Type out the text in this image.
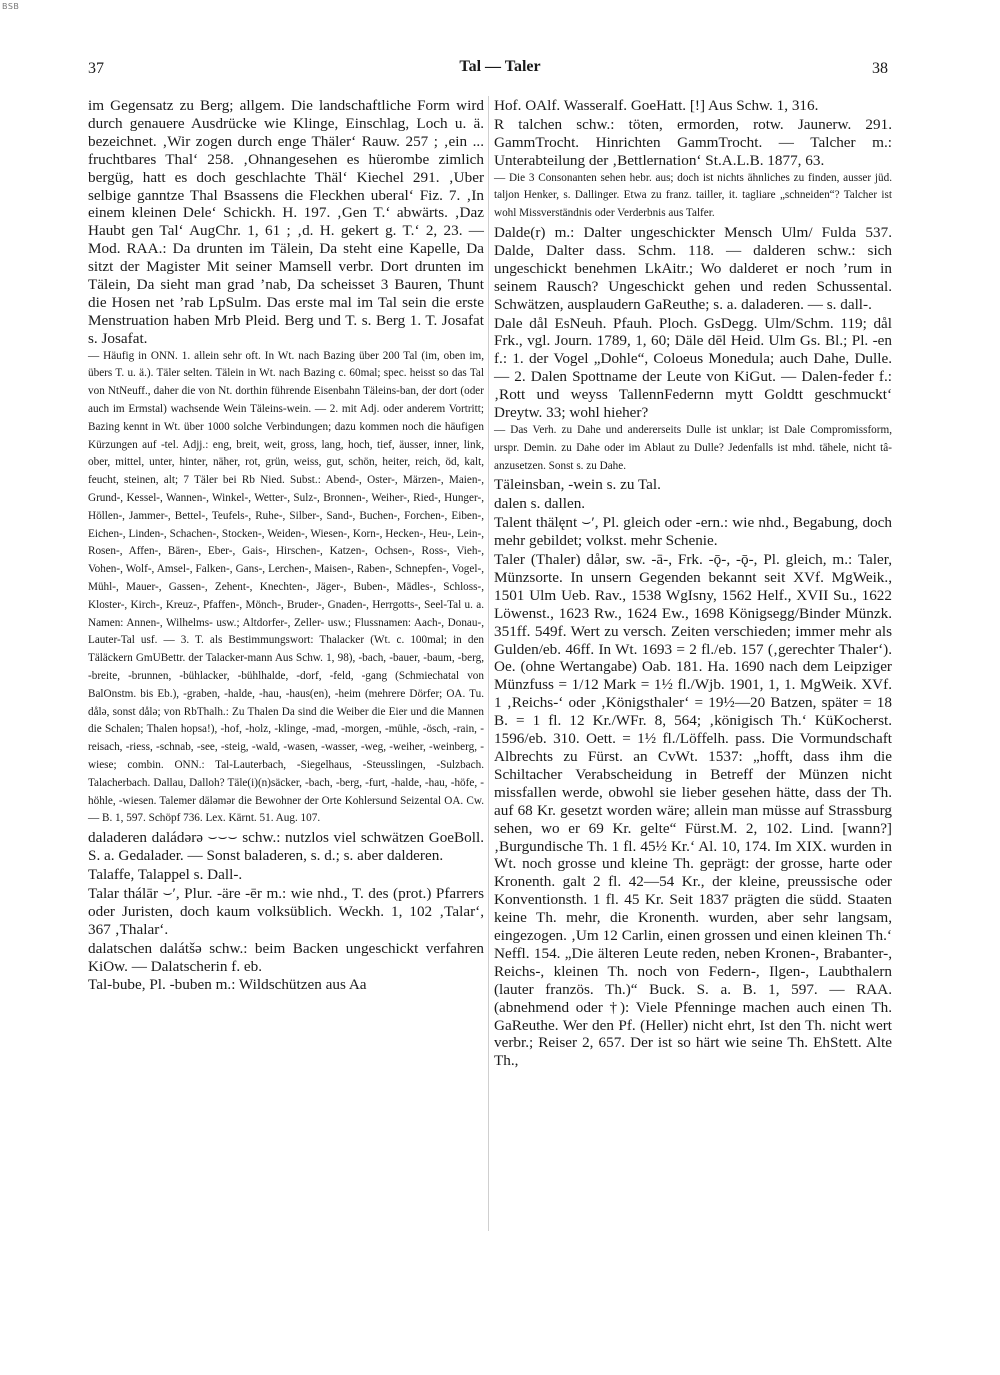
BSB
37	Tal — Taler	38

im Gegensatz zu Berg; allgem. Die landschaftliche Form wird durch genauere Ausdrücke wie Klinge, Einschlag, Loch u. ä. bezeichnet. ‚Wir zogen durch enge Thäler‘ Rauw. 257 ; ‚ein ... fruchtbares Thal‘ 258. ‚Ohnangesehen es hüerombe zimlich bergüg, hatt es doch geschlachte Thäl‘ Kiechel 291. ‚Uber selbige ganntze Thal Bsassens die Fleckhen uberal‘ Fiz. 7. ‚In einem kleinen Dele‘ Schickh. H. 197. ‚Gen T.‘ abwärts. ‚Daz Haubt gen Tal‘ AugChr. 1, 61 ; ‚d. H. gekert g. T.‘ 2, 23. — Mod. RAA.: Da drunten im Tälein, Da steht eine Kapelle, Da sitzt der Magister Mit seiner Mamsell verbr. Dort drunten im Tälein, Da sieht man grad ’nab, Da scheisset 3 Bauren, Thunt die Hosen net ’rab LpSulm. Das erste mal im Tal sein die erste Menstruation haben Mrb Pleid. Berg und T. s. Berg 1. T. Josafat s. Josafat.

— Häufig in ONN. 1. allein sehr oft. In Wt. nach Bazing über 200 Tal (im, oben im, übers T. u. ä.). Täler selten. Tälein in Wt. nach Bazing c. 60mal; spec. heisst so das Tal von NtNeuff., daher die von Nt. dorthin führende Eisenbahn Täleins-ban, der dort (oder auch im Ermstal) wachsende Wein Täleins-wein. — 2. mit Adj. oder anderem Vortritt; Bazing kennt in Wt. über 1000 solche Verbindungen; dazu kommen noch die häufigen Kürzungen auf -tel. Adjj.: eng, breit, weit, gross, lang, hoch, tief, äusser, inner, link, ober, mittel, unter, hinter, näher, rot, grün, weiss, gut, schön, heiter, reich, öd, kalt, feucht, steinen, alt; 7 Täler bei Rb Nied. Subst.: Abend-, Oster-, Märzen-, Maien-, Grund-, Kessel-, Wannen-, Winkel-, Wetter-, Sulz-, Bronnen-, Weiher-, Ried-, Hunger-, Höllen-, Jammer-, Bettel-, Teufels-, Ruhe-, Silber-, Sand-, Buchen-, Forchen-, Eiben-, Eichen-, Linden-, Schachen-, Stocken-, Weiden-, Wiesen-, Korn-, Hecken-, Heu-, Lein-, Rosen-, Affen-, Bären-, Eber-, Gais-, Hirschen-, Katzen-, Ochsen-, Ross-, Vieh-, Vohen-, Wolf-, Amsel-, Falken-, Gans-, Lerchen-, Maisen-, Raben-, Schnepfen-, Vogel-, Mühl-, Mauer-, Gassen-, Zehent-, Knechten-, Jäger-, Buben-, Mädles-, Schloss-, Kloster-, Kirch-, Kreuz-, Pfaffen-, Mönch-, Bruder-, Gnaden-, Herrgotts-, Seel-Tal u. a. Namen: Annen-, Wilhelms- usw.; Altdorfer-, Zeller- usw.; Flussnamen: Aach-, Donau-, Lauter-Tal usf. — 3. T. als Bestimmungswort: Thalacker (Wt. c. 100mal; in den Täläckern GmUBettr. der Talacker-mann Aus Schw. 1, 98), -bach, -bauer, -baum, -berg, -breite, -brunnen, -bühlacker, -bühlhalde, -dorf, -feld, -gang (Schmiechatal von BalOnstm. bis Eb.), -graben, -halde, -hau, -haus(en), -heim (mehrere Dörfer; OA. Tu. dålə, sonst dålə; von RbThalh.: Zu Thalen Da sind die Weiber die Eier und die Mannen die Schalen; Thalen hopsa!), -hof, -holz, -klinge, -mad, -morgen, -mühle, -ösch, -rain, -reisach, -riess, -schnab, -see, -steig, -wald, -wasen, -wasser, -weg, -weiher, -weinberg, -wiese; combin. ONN.: Tal-Lauterbach, -Siegelhaus, -Steusslingen, -Sulzbach. Talacherbach. Dallau, Dalloh? Täle(i)(n)säcker, -bach, -berg, -furt, -halde, -hau, -höfe, -höhle, -wiesen. Talemer däləmər die Bewohner der Orte Kohlersund Seizental OA. Cw. — B. 1, 597. Schöpf 736. Lex. Kärnt. 51. Aug. 107.

daladeren daládərə ⌣⌣⌣ schw.: nutzlos viel schwätzen GoeBoll. S. a. Gedalader. — Sonst baladeren, s. d.; s. aber dalderen.

Talaffe, Talappel s. Dall-.

Talar thálār ⌣ʹ, Plur. -äre -ēr m.: wie nhd., T. des (prot.) Pfarrers oder Juristen, doch kaum volksüblich. Weckh. 1, 102 ‚Talar‘, 367 ‚Thalar‘.

dalatschen dalátšə schw.: beim Backen ungeschickt verfahren KiOw. — Dalatscherin f. eb.

Tal-bube, Pl. -buben m.: Wildschützen aus Aa

Hof. OAlf. Wasseralf. GoeHatt. [!] Aus Schw. 1, 316.

R talchen schw.: töten, ermorden, rotw. Jaunerw. 291. GammTrocht. Hinrichten GammTrocht. — Talcher m.: Unterabteilung der ‚Bettlernation‘ St.A.L.B. 1877, 63.

— Die 3 Consonanten sehen hebr. aus; doch ist nichts ähnliches zu finden, ausser jüd. taljon Henker, s. Dallinger. Etwa zu franz. tailler, it. tagliare „schneiden“? Talcher ist wohl Missverständnis oder Verderbnis aus Talfer.

Dalde(r) m.: Dalter ungeschickter Mensch Ulm/ Fulda 537. Dalde, Dalter dass. Schm. 118. — dalderen schw.: sich ungeschickt benehmen LkAitr.; Wo dalderet er noch ’rum in seinem Rausch? Ungeschickt gehen und reden Schussental. Schwätzen, ausplaudern GaReuthe; s. a. daladeren. — s. dall-.

Dale dål EsNeuh. Pfauh. Ploch. GsDegg. Ulm/Schm. 119; dål Frk., vgl. Journ. 1789, 1, 60; Däle dēl Heid. Ulm Gs. Bl.; Pl. -en f.: 1. der Vogel „Dohle“, Coloeus Monedula; auch Dahe, Dulle. — 2. Dalen Spottname der Leute von KiGut. — Dalen-feder f.: ‚Rott und weyss TallennFedernn mytt Goldtt geschmuckt‘ Dreytw. 33; wohl hieher?

— Das Verh. zu Dahe und andererseits Dulle ist unklar; ist Dale Compromissform, urspr. Demin. zu Dahe oder im Ablaut zu Dulle? Jedenfalls ist mhd. tähele, nicht tâ- anzusetzen. Sonst s. zu Dahe.

Täleinsban, -wein s. zu Tal.

dalen s. dallen.

Talent thälęnt ⌣ʹ, Pl. gleich oder -ern.: wie nhd., Begabung, doch mehr gebildet; volkst. mehr Schenie.

Taler (Thaler) dålər, sw. -ā-, Frk. -ǭ-, -ǭ-, Pl. gleich, m.: Taler, Münzsorte. In unsern Gegenden bekannt seit XVf. MgWeik., 1501 Ulm Ueb. Rav., 1538 WgIsny, 1562 Helf., XVII Su., 1622 Löwenst., 1623 Rw., 1624 Ew., 1698 Königsegg/Binder Münzk. 351ff. 549f. Wert zu versch. Zeiten verschieden; immer mehr als Gulden/eb. 46ff. In Wt. 1693 = 2 fl./eb. 157 (‚gerechter Thaler‘). Oe. (ohne Wertangabe) Oab. 181. Ha. 1690 nach dem Leipziger Münzfuss = 1/12 Mark = 1½ fl./Wjb. 1901, 1, 1. MgWeik. XVf. 1 ‚Reichs-‘ oder ‚Königsthaler‘ = 19½—20 Batzen, später = 18 B. = 1 fl. 12 Kr./WFr. 8, 564; ‚königisch Th.‘ KüKocherst. 1596/eb. 310. Oett. = 1½ fl./Löffelh. pass. Die Vormundschaft Albrechts zu Fürst. an CvWt. 1537: „hofft, dass ihm die Schiltacher Verabscheidung in Betreff der Münzen nicht missfallen werde, obwohl sie lieber gesehen hätte, dass der Th. auf 68 Kr. gesetzt worden wäre; allein man müsse auf Strassburg sehen, wo er 69 Kr. gelte“ Fürst.M. 2, 102. Lind. [wann?] ‚Burgundische Th. 1 fl. 45½ Kr.‘ Al. 10, 174. Im XIX. wurden in Wt. noch grosse und kleine Th. geprägt: der grosse, harte oder Kronenth. galt 2 fl. 42—54 Kr., der kleine, preussische oder Konventionsth. 1 fl. 45 Kr. Seit 1837 prägten die südd. Staaten keine Th. mehr, die Kronenth. wurden, aber sehr langsam, eingezogen. ‚Um 12 Carlin, einen grossen und einen kleinen Th.‘ Neffl. 154. „Die älteren Leute reden, neben Kronen-, Brabanter-, Reichs-, kleinen Th. noch von Federn-, Ilgen-, Laubthalern (lauter französ. Th.)“ Buck. S. a. B. 1, 597. — RAA. (abnehmend oder †): Viele Pfenninge machen auch einen Th. GaReuthe. Wer den Pf. (Heller) nicht ehrt, Ist den Th. nicht wert verbr.; Reiser 2, 657. Der ist so härt wie seine Th. EhStett. Alte Th.,
